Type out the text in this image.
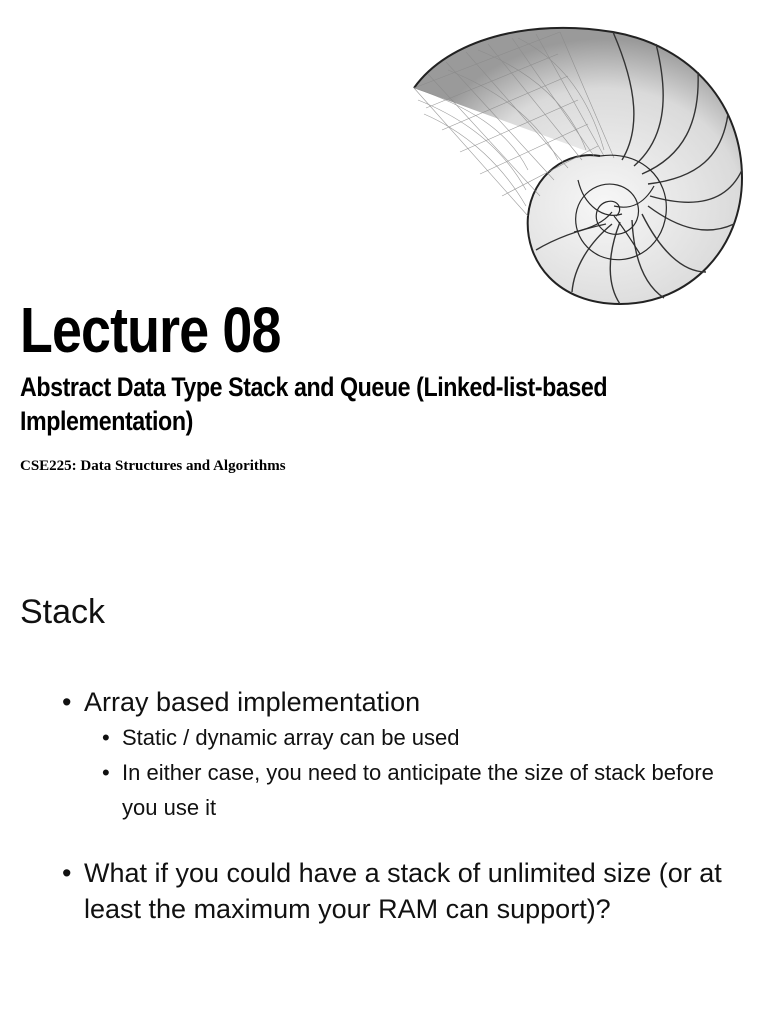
Lecture 08
Abstract Data Type Stack and Queue (Linked-list-based Implementation)

CSE225: Data Structures and Algorithms

Stack
• Array based implementation
• Static / dynamic array can be used
• In either case, you need to anticipate the size of stack before you use it
• What if you could have a stack of unlimited size (or at least the maximum your RAM can support)?
